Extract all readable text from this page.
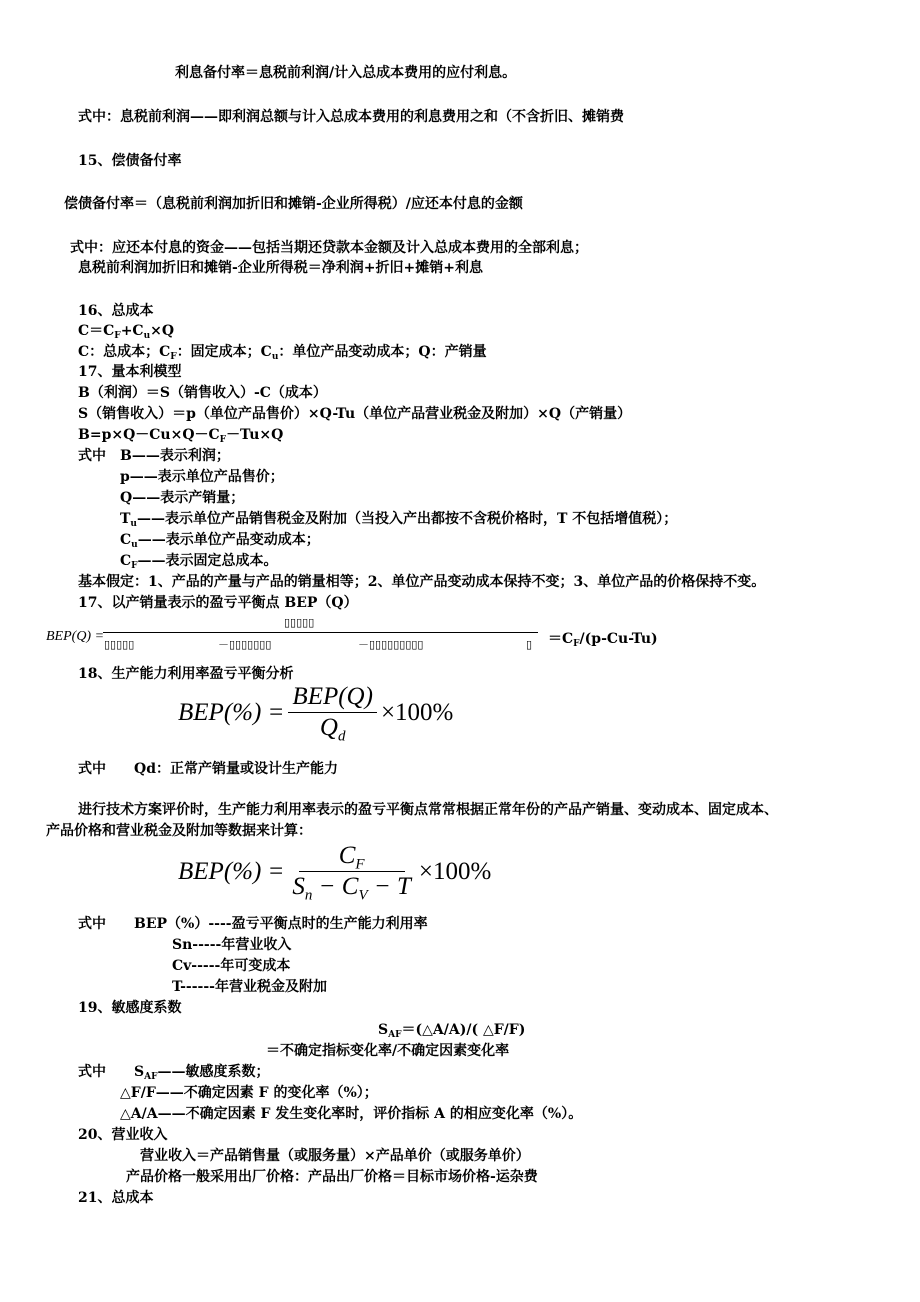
利息备付率＝息税前利润/计入总成本费用的应付利息。
式中：息税前利润——即利润总额与计入总成本费用的利息费用之和（不含折旧、摊销费
15、偿债备付率
偿债备付率＝（息税前利润加折旧和摊销-企业所得税）/应还本付息的金额
式中：应还本付息的资金——包括当期还贷款本金额及计入总成本费用的全部利息；
息税前利润加折旧和摊销-企业所得税＝净利润+折旧+摊销+利息
16、总成本
$C=C_F+C_u\times Q$
C：总成本；$C_F$：固定成本；$C_u$：单位产品变动成本；Q：产销量
17、量本利模型
B（利润）＝S（销售收入）-C（成本）
S（销售收入）＝p（单位产品售价）×Q-Tu（单位产品营业税金及附加）×Q（产销量）
$B=p\times Q-Cu\times Q-C_F-Tu\times Q$
式中　B——表示利润；
p——表示单位产品售价；
Q——表示产销量；
$T_u——$表示单位产品销售税金及附加（当投入产出都按不含税价格时，T 不包括增值税）；
$C_u——$表示单位产品变动成本；
$C_F——$表示固定总成本。
基本假定：1、产品的产量与产品的销量相等；2、单位产品变动成本保持不变；3、单位产品的价格保持不变。
17、以产销量表示的盈亏平衡点 BEP（Q）
BEP(Q) =
▯▯▯▯▯
▯▯▯▯▯	－▯▯▯▯▯▯▯	－▯▯▯▯▯▯▯▯▯	▯ $=C_F/(p-Cu-Tu)$
18、生产能力利用率盈亏平衡分析
$BEP(\%) = \frac{\text{BEP(Q)}}{Q_d} \times 100\%$
式中　　Qd：正常产销量或设计生产能力
进行技术方案评价时，生产能力利用率表示的盈亏平衡点常常根据正常年份的产品产销量、变动成本、固定成本、
产品价格和营业税金及附加等数据来计算：
$BEP(\%) = \frac{C_F}{S_n - C_V - T} \times 100\%$
式中　　BEP（%）----盈亏平衡点时的生产能力利用率
Sn-----年营业收入
Cv-----年可变成本
T------年营业税金及附加
19、敏感度系数
$S_{AF}=(\triangle A/A)/$( △F/F)
＝不确定指标变化率/不确定因素变化率
式中　　$S_{AF}——$敏感度系数；
△F/F——不确定因素 F 的变化率（%）；
△A/A——不确定因素 F 发生变化率时，评价指标 A 的相应变化率（%）。
20、营业收入
营业收入＝产品销售量（或服务量）×产品单价（或服务单价）
产品价格一般采用出厂价格：产品出厂价格＝目标市场价格-运杂费
21、总成本
